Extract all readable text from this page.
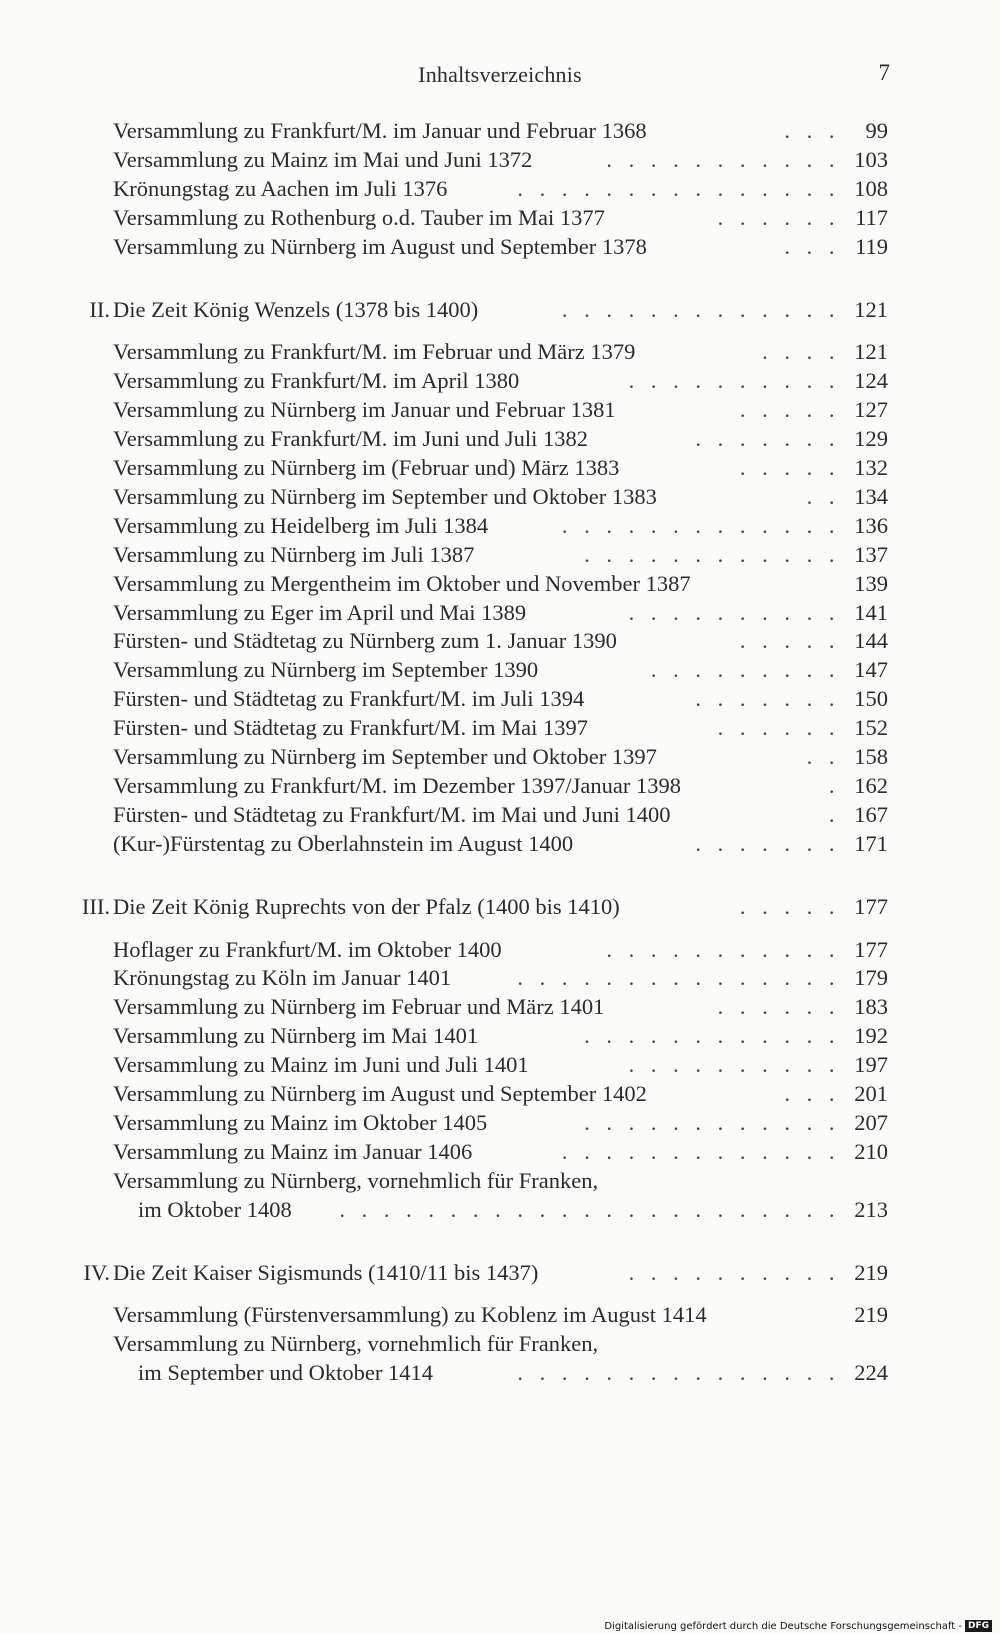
Inhaltsverzeichnis	7
Versammlung zu Frankfurt/M. im Januar und Februar 1368	. . . 99
Versammlung zu Mainz im Mai und Juni 1372	. . . . . . . . . . . 103
Krönungstag zu Aachen im Juli 1376	. . . . . . . . . . . . . . . 108
Versammlung zu Rothenburg o.d. Tauber im Mai 1377	. . . . . . 117
Versammlung zu Nürnberg im August und September 1378	. . . 119
II. Die Zeit König Wenzels (1378 bis 1400)	. . . . . . . . . . . . . 121
Versammlung zu Frankfurt/M. im Februar und März 1379	. . . . 121
Versammlung zu Frankfurt/M. im April 1380	. . . . . . . . . . 124
Versammlung zu Nürnberg im Januar und Februar 1381	. . . . . 127
Versammlung zu Frankfurt/M. im Juni und Juli 1382	. . . . . . . 129
Versammlung zu Nürnberg im (Februar und) März 1383	. . . . . 132
Versammlung zu Nürnberg im September und Oktober 1383	. . 134
Versammlung zu Heidelberg im Juli 1384	. . . . . . . . . . . . . 136
Versammlung zu Nürnberg im Juli 1387	. . . . . . . . . . . . 137
Versammlung zu Mergentheim im Oktober und November 1387	139
Versammlung zu Eger im April und Mai 1389	. . . . . . . . . . 141
Fürsten- und Städtetag zu Nürnberg zum 1. Januar 1390	. . . . . 144
Versammlung zu Nürnberg im September 1390	. . . . . . . . . 147
Fürsten- und Städtetag zu Frankfurt/M. im Juli 1394	. . . . . . . 150
Fürsten- und Städtetag zu Frankfurt/M. im Mai 1397	. . . . . . 152
Versammlung zu Nürnberg im September und Oktober 1397	. . 158
Versammlung zu Frankfurt/M. im Dezember 1397/Januar 1398	. 162
Fürsten- und Städtetag zu Frankfurt/M. im Mai und Juni 1400	. 167
(Kur-)Fürstentag zu Oberlahnstein im August 1400	. . . . . . . 171
III. Die Zeit König Ruprechts von der Pfalz (1400 bis 1410)	. . . . . 177
Hoflager zu Frankfurt/M. im Oktober 1400	. . . . . . . . . . . 177
Krönungstag zu Köln im Januar 1401	. . . . . . . . . . . . . . . 179
Versammlung zu Nürnberg im Februar und März 1401	. . . . . . 183
Versammlung zu Nürnberg im Mai 1401	. . . . . . . . . . . . 192
Versammlung zu Mainz im Juni und Juli 1401	. . . . . . . . . . 197
Versammlung zu Nürnberg im August und September 1402	. . . 201
Versammlung zu Mainz im Oktober 1405	. . . . . . . . . . . . 207
Versammlung zu Mainz im Januar 1406	. . . . . . . . . . . . . 210
Versammlung zu Nürnberg, vornehmlich für Franken,
im Oktober 1408 . . . . . . . . . . . . . . . . . . . . . . . 213
IV. Die Zeit Kaiser Sigismunds (1410/11 bis 1437)	. . . . . . . . . . 219
Versammlung (Fürstenversammlung) zu Koblenz im August 1414	219
Versammlung zu Nürnberg, vornehmlich für Franken,
im September und Oktober 1414	. . . . . . . . . . . . . . . 224
Digitalisierung gefördert durch die Deutsche Forschungsgemeinschaft - DFG
